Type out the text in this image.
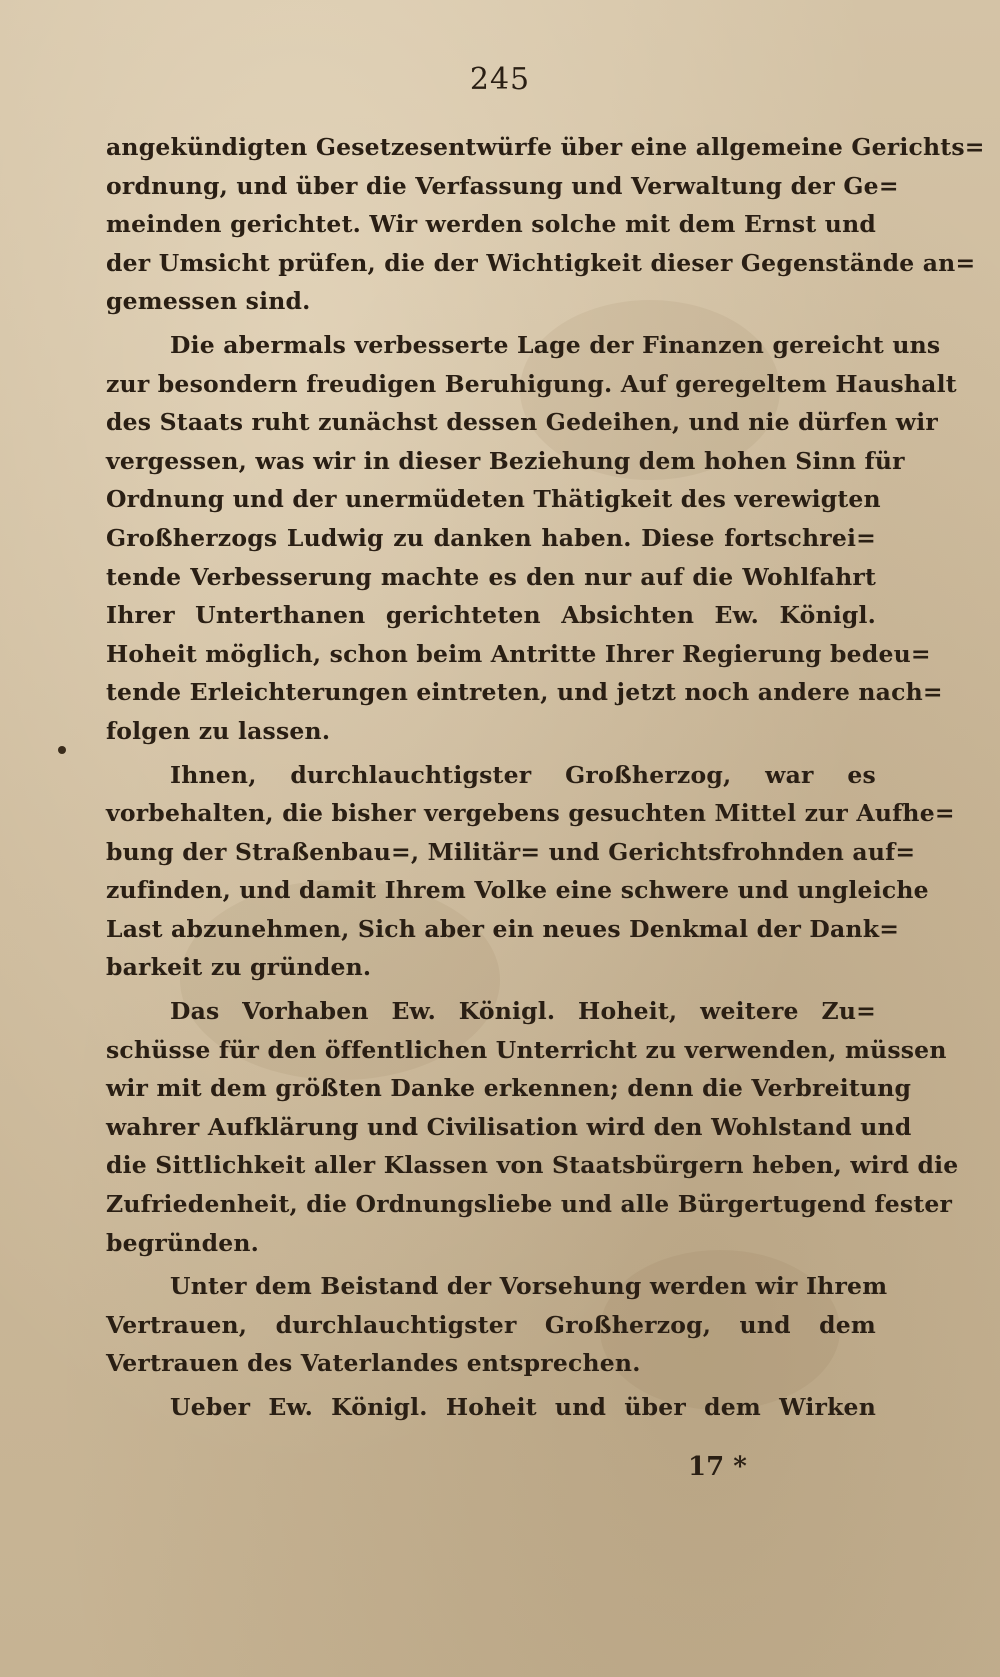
245
angekündigten Gesetzesentwürfe über eine allgemeine Gerichts=
ordnung, und über die Verfassung und Verwaltung der Ge=
meinden gerichtet. Wir werden solche mit dem Ernst und
der Umsicht prüfen, die der Wichtigkeit dieser Gegenstände an=
gemessen sind.
Die abermals verbesserte Lage der Finanzen gereicht uns
zur besondern freudigen Beruhigung. Auf geregeltem Haushalt
des Staats ruht zunächst dessen Gedeihen, und nie dürfen wir
vergessen, was wir in dieser Beziehung dem hohen Sinn für
Ordnung und der unermüdeten Thätigkeit des verewigten
Großherzogs Ludwig zu danken haben. Diese fortschrei=
tende Verbesserung machte es den nur auf die Wohlfahrt
Ihrer Unterthanen gerichteten Absichten Ew. Königl.
Hoheit möglich, schon beim Antritte Ihrer Regierung bedeu=
tende Erleichterungen eintreten, und jetzt noch andere nach=
folgen zu lassen.
Ihnen, durchlauchtigster Großherzog, war es
vorbehalten, die bisher vergebens gesuchten Mittel zur Aufhe=
bung der Straßenbau=, Militär= und Gerichtsfrohnden auf=
zufinden, und damit Ihrem Volke eine schwere und ungleiche
Last abzunehmen, Sich aber ein neues Denkmal der Dank=
barkeit zu gründen.
Das Vorhaben Ew. Königl. Hoheit, weitere Zu=
schüsse für den öffentlichen Unterricht zu verwenden, müssen
wir mit dem größten Danke erkennen; denn die Verbreitung
wahrer Aufklärung und Civilisation wird den Wohlstand und
die Sittlichkeit aller Klassen von Staatsbürgern heben, wird die
Zufriedenheit, die Ordnungsliebe und alle Bürgertugend fester
begründen.
Unter dem Beistand der Vorsehung werden wir Ihrem
Vertrauen, durchlauchtigster Großherzog, und dem
Vertrauen des Vaterlandes entsprechen.
Ueber Ew. Königl. Hoheit und über dem Wirken
17 *
